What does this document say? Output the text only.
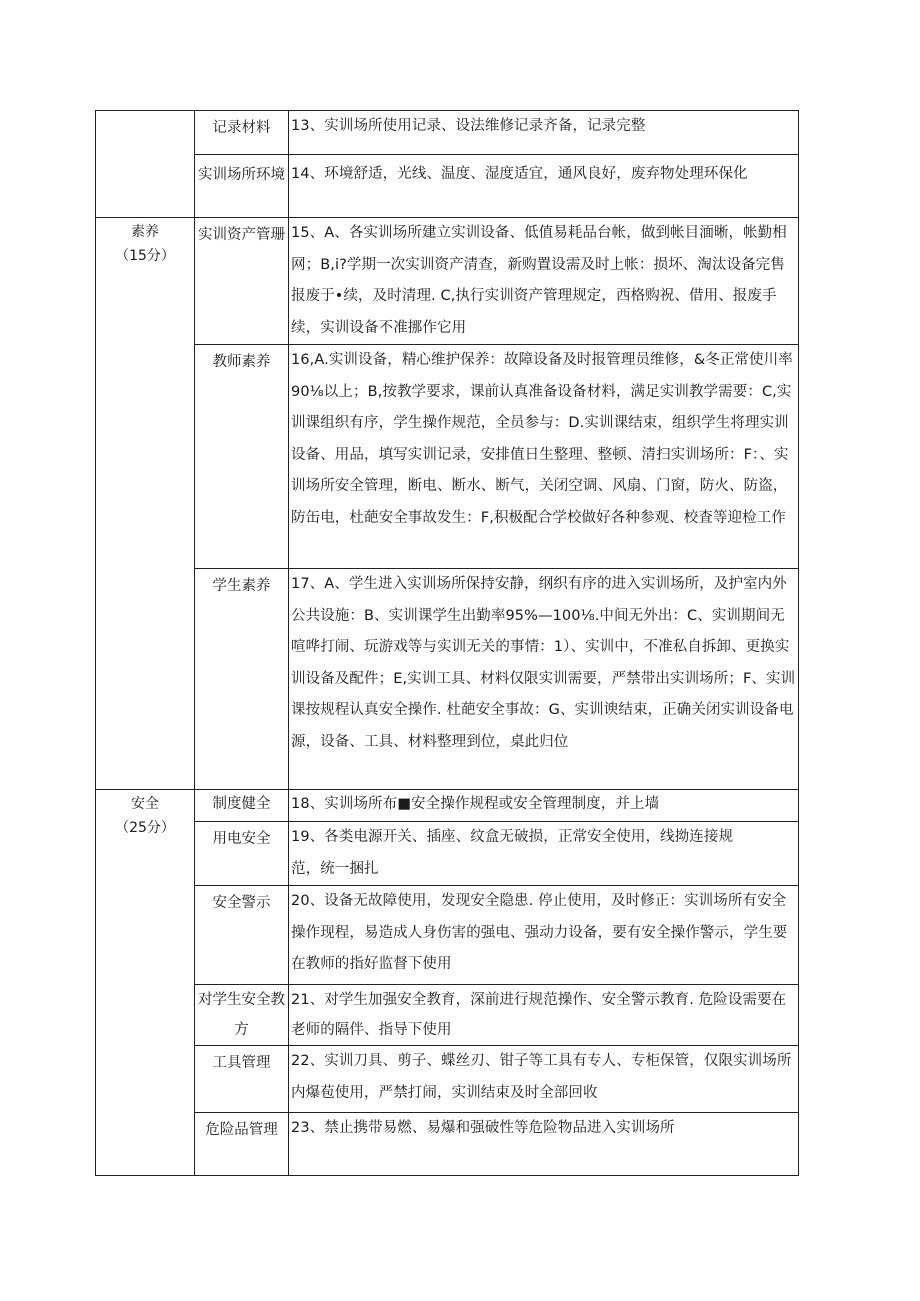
	记录材料	13、实训场所使用记录、设法维修记录齐备，记录完整
	实训场所环境	14、环境舒适，光线、温度、湿度适宜，通风良好，废弃物处理环保化

素养
（15分）	实训资产管珊	15、A、各实训场所建立实训设备、低值易耗品台帐，做到帐目湎晰，帐勤相网；B,i?学期一次实训资产清查，新购置设需及时上帐：损坏、淘汰设备完售报废于•续，及时清理. C,执行实训资产管理规定，西格购祝、借用、报废手续，实训设备不准挪作它用
	教师素养	16,A.实训设备，精心维护保养：故障设备及时报管理员维修，&冬正常使川率90⅛以上；B,按教学要求，课前认真准备设备材料，满足实训教学需要：C,实训课组织有序，学生操作规范，全员参与：D.实训课结束，组织学生将理实训设备、用品，填写实训记录，安排值日生整理、整顿、清扫实训场所：F：、实训场所安全管理，断电、断水、断气，关闭空调、风扇、门窗，防火、防盗，防缶电，杜葩安全事故发生：F,积极配合学校做好各种参观、校査等迎检工作
	学生素养	17、A、学生进入实训场所保持安静，纲织有序的进入实训场所，及护室内外公共设施：B、实训课学生出勤率95%—100⅛.中间无外出：C、实训期间无喧哗打闹、玩游戏等与实训无关的事情：1）、实训中，不准私自拆卸、更换实训设备及配件；E,实训工具、材料仅限实训需要，严禁带出实训场所；F、实训课按规程认真安全操作. 杜葩安全事故：G、实训谀结束，正确关闭实训设备电源，设备、工具、材料整理到位，桌此归位

安全
（25分）	制度健全	18、实训场所布■安全操作规程或安全管理制度，并上墙
	用电安全	19、各类电源开关、插座、纹盒无破损，正常安全使用，线拗连接规范，统一捆扎
	安全警示	20、设备无故障使用，发现安全隐患. 停止使用，及时修正：实训场所有安全操作现程，易造成人身伤害的强电、强动力设备，要有安全操作警示，学生要在教师的指好监督下使用
	对学生安全教方	21、对学生加强安全教育，深前进行规范操作、安全警示教育. 危险设需要在老师的隔伴、指导下使用
	工具管理	22、实训刀具、剪子、蝶丝刃、钳子等工具有专人、专柜保管，仅限实训场所内爆苞使用，严禁打闹，实训结束及时全部回收
	危险品管理	23、禁止携带易燃、易爆和强破性等危险物品进入实训场所
